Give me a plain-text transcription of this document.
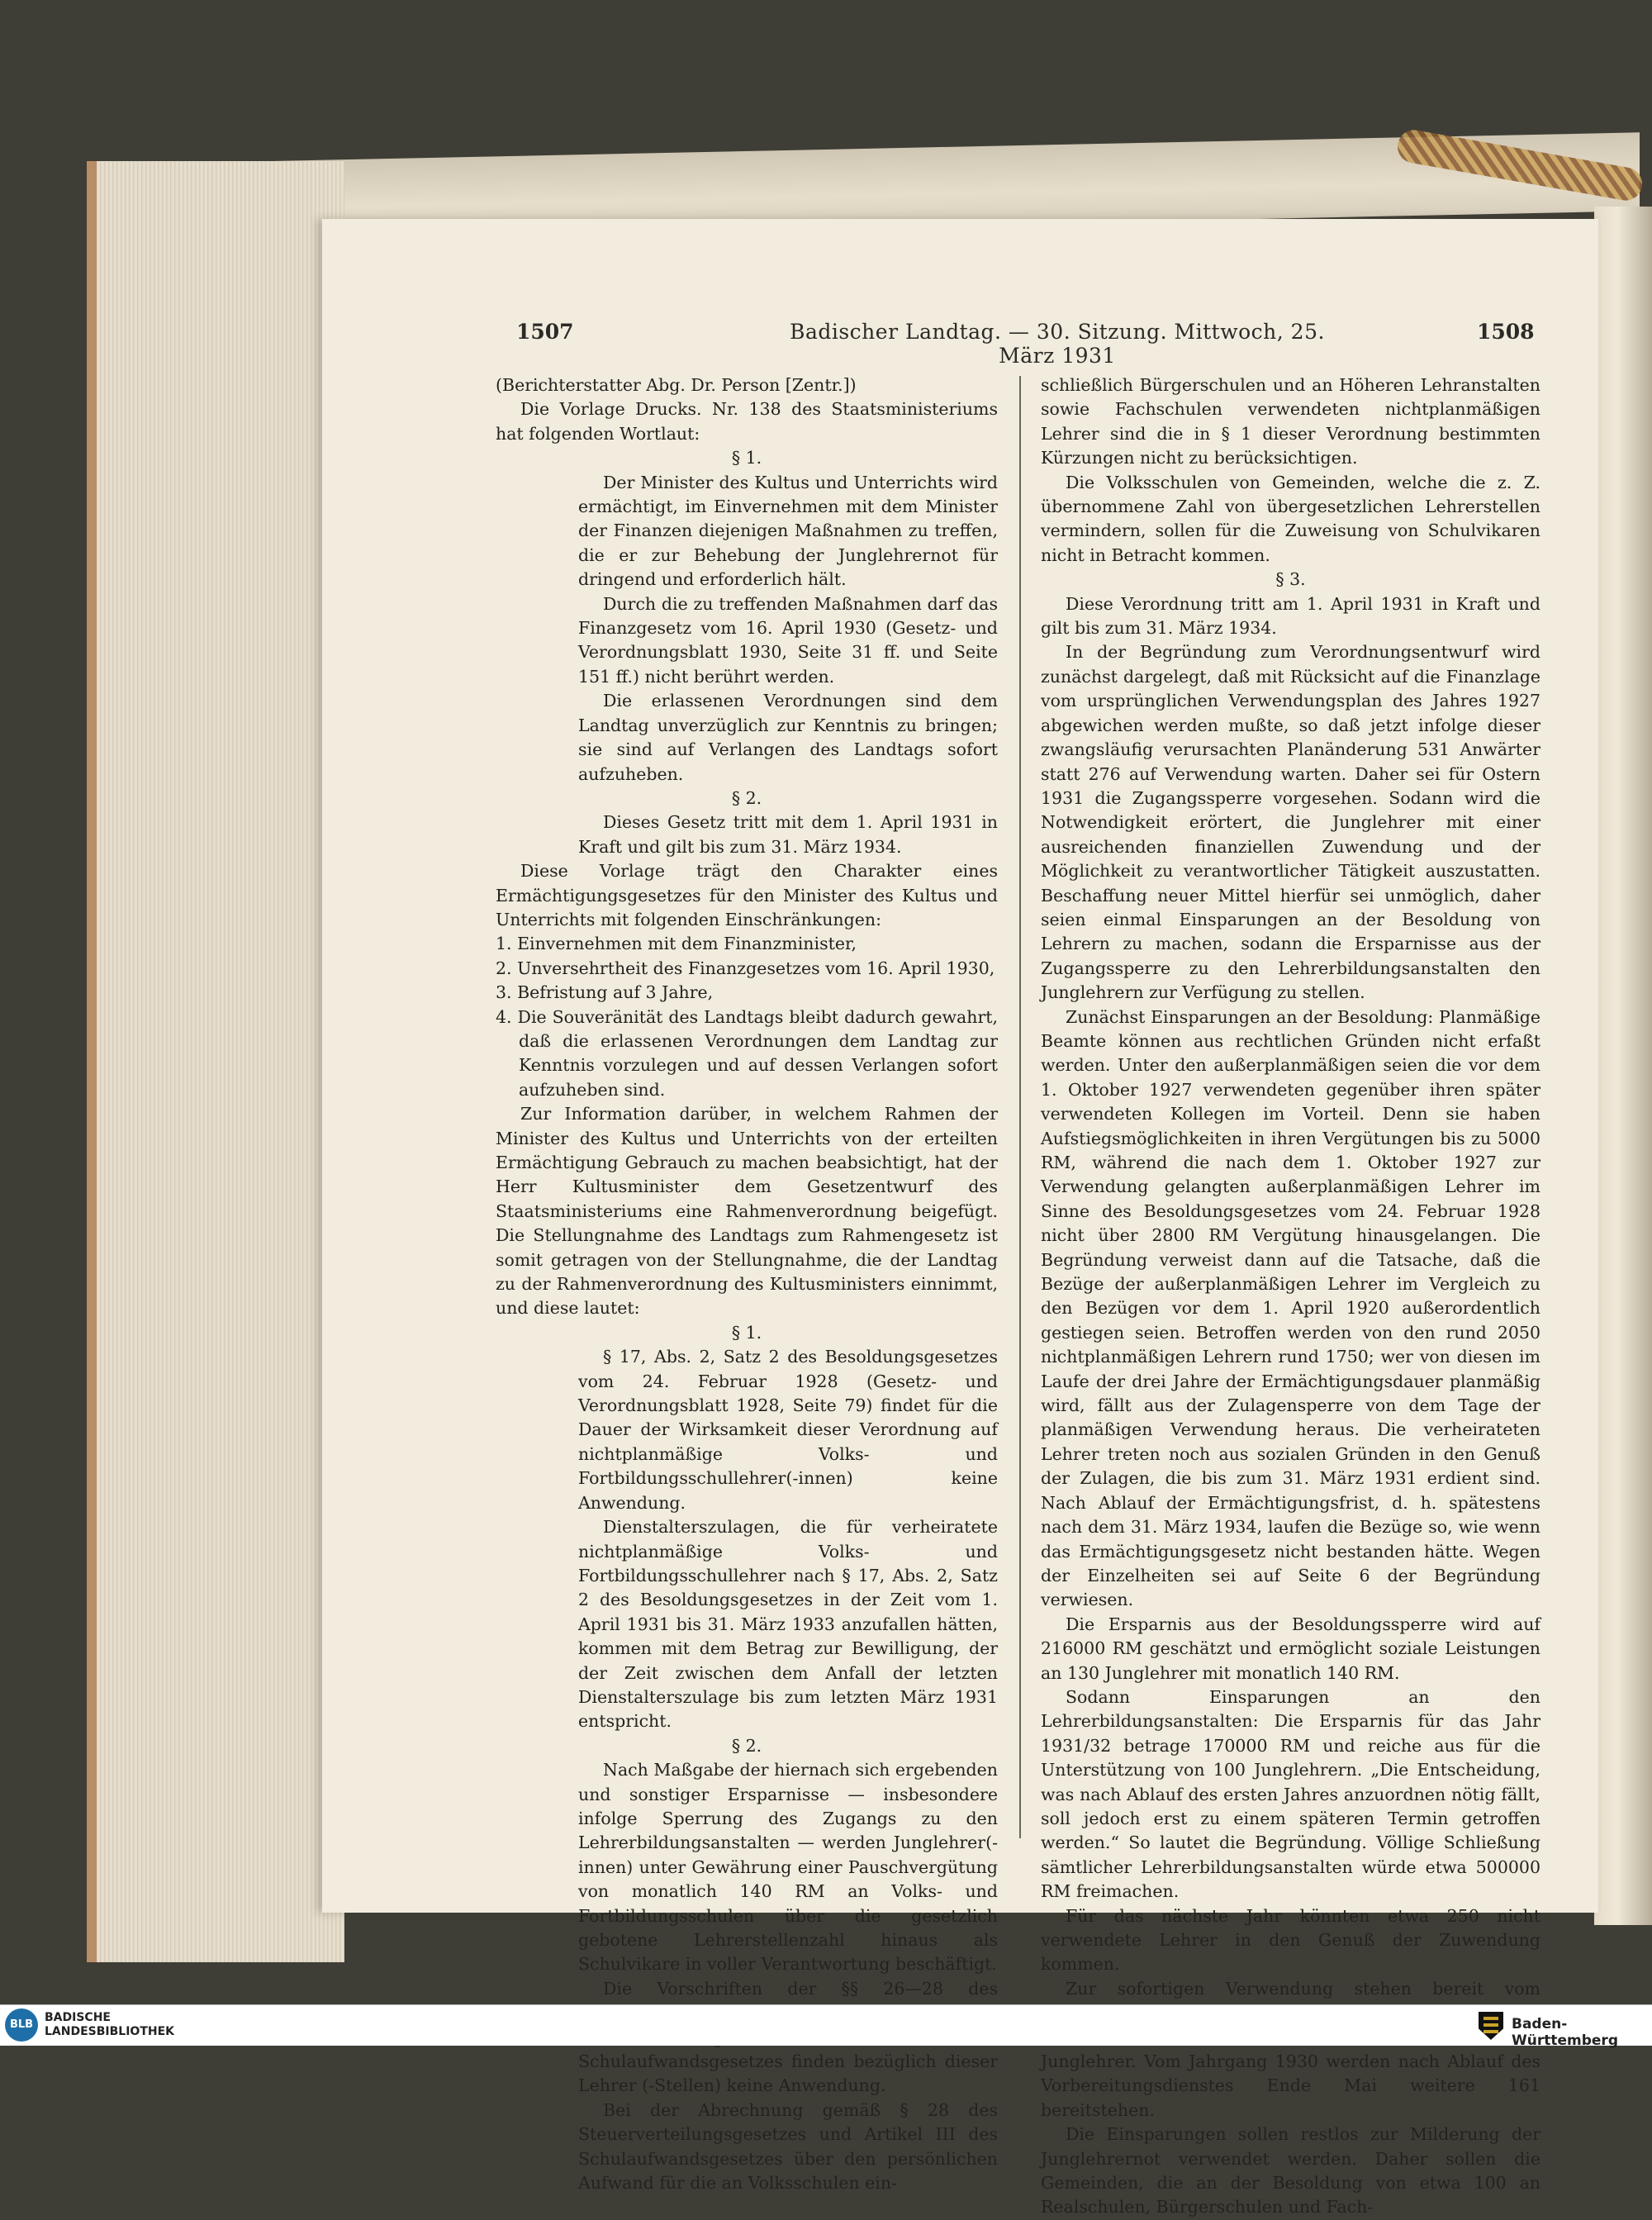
1507	Badischer Landtag. — 30. Sitzung. Mittwoch, 25. März 1931
1508

(Berichterstatter Abg. Dr. Person [Zentr.])

Die Vorlage Drucks. Nr. 138 des Staatsministeriums hat folgenden Wortlaut:

§ 1.

Der Minister des Kultus und Unterrichts wird ermächtigt, im Einvernehmen mit dem Minister der Finanzen diejenigen Maßnahmen zu treffen, die er zur Behebung der Junglehrernot für dringend und erforderlich hält.

Durch die zu treffenden Maßnahmen darf das Finanzgesetz vom 16. April 1930 (Gesetz- und Verordnungsblatt 1930, Seite 31 ff. und Seite 151 ff.) nicht berührt werden.

Die erlassenen Verordnungen sind dem Landtag unverzüglich zur Kenntnis zu bringen; sie sind auf Verlangen des Landtags sofort aufzuheben.

§ 2.

Dieses Gesetz tritt mit dem 1. April 1931 in Kraft und gilt bis zum 31. März 1934.

Diese Vorlage trägt den Charakter eines Ermächtigungsgesetzes für den Minister des Kultus und Unterrichts mit folgenden Einschränkungen:

1. Einvernehmen mit dem Finanzminister,

2. Unversehrtheit des Finanzgesetzes vom 16. April 1930,

3. Befristung auf 3 Jahre,

4. Die Souveränität des Landtags bleibt dadurch gewahrt, daß die erlassenen Verordnungen dem Landtag zur Kenntnis vorzulegen und auf dessen Verlangen sofort aufzuheben sind.

Zur Information darüber, in welchem Rahmen der Minister des Kultus und Unterrichts von der erteilten Ermächtigung Gebrauch zu machen beabsichtigt, hat der Herr Kultusminister dem Gesetzentwurf des Staatsministeriums eine Rahmenverordnung beigefügt. Die Stellungnahme des Landtags zum Rahmengesetz ist somit getragen von der Stellungnahme, die der Landtag zu der Rahmenverordnung des Kultusministers einnimmt, und diese lautet:

§ 1.

§ 17, Abs. 2, Satz 2 des Besoldungsgesetzes vom 24. Februar 1928 (Gesetz- und Verordnungsblatt 1928, Seite 79) findet für die Dauer der Wirksamkeit dieser Verordnung auf nichtplanmäßige Volks- und Fortbildungsschullehrer(-innen) keine Anwendung.

Dienstalterszulagen, die für verheiratete nichtplanmäßige Volks- und Fortbildungsschullehrer nach § 17, Abs. 2, Satz 2 des Besoldungsgesetzes in der Zeit vom 1. April 1931 bis 31. März 1933 anzufallen hätten, kommen mit dem Betrag zur Bewilligung, der der Zeit zwischen dem Anfall der letzten Dienstalterszulage bis zum letzten März 1931 entspricht.

§ 2.

Nach Maßgabe der hiernach sich ergebenden und sonstiger Ersparnisse — insbesondere infolge Sperrung des Zugangs zu den Lehrerbildungsanstalten — werden Junglehrer(-innen) unter Gewährung einer Pauschvergütung von monatlich 140 RM an Volks- und Fortbildungsschulen über die gesetzlich gebotene Lehrerstellenzahl hinaus als Schulvikare in voller Verantwortung beschäftigt.

Die Vorschriften der §§ 26—28 des Schulaufwandsgesetzes finden bezüglich dieser Lehrer (-Stellen) keine Anwendung.

Bei der Abrechnung gemäß § 28 des Steuerverteilungsgesetzes und Artikel III des Schulaufwandsgesetzes über den persönlichen Aufwand für die an Volksschulen ein-

schließlich Bürgerschulen und an Höheren Lehranstalten sowie Fachschulen verwendeten nichtplanmäßigen Lehrer sind die in § 1 dieser Verordnung bestimmten Kürzungen nicht zu berücksichtigen.

Die Volksschulen von Gemeinden, welche die z. Z. übernommene Zahl von übergesetzlichen Lehrerstellen vermindern, sollen für die Zuweisung von Schulvikaren nicht in Betracht kommen.

§ 3.

Diese Verordnung tritt am 1. April 1931 in Kraft und gilt bis zum 31. März 1934.

In der Begründung zum Verordnungsentwurf wird zunächst dargelegt, daß mit Rücksicht auf die Finanzlage vom ursprünglichen Verwendungsplan des Jahres 1927 abgewichen werden mußte, so daß jetzt infolge dieser zwangsläufig verursachten Planänderung 531 Anwärter statt 276 auf Verwendung warten. Daher sei für Ostern 1931 die Zugangssperre vorgesehen. Sodann wird die Notwendigkeit erörtert, die Junglehrer mit einer ausreichenden finanziellen Zuwendung und der Möglichkeit zu verantwortlicher Tätigkeit auszustatten. Beschaffung neuer Mittel hierfür sei unmöglich, daher seien einmal Einsparungen an der Besoldung von Lehrern zu machen, sodann die Ersparnisse aus der Zugangssperre zu den Lehrerbildungsanstalten den Junglehrern zur Verfügung zu stellen.

Zunächst Einsparungen an der Besoldung: Planmäßige Beamte können aus rechtlichen Gründen nicht erfaßt werden. Unter den außerplanmäßigen seien die vor dem 1. Oktober 1927 verwendeten gegenüber ihren später verwendeten Kollegen im Vorteil. Denn sie haben Aufstiegsmöglichkeiten in ihren Vergütungen bis zu 5000 RM, während die nach dem 1. Oktober 1927 zur Verwendung gelangten außerplanmäßigen Lehrer im Sinne des Besoldungsgesetzes vom 24. Februar 1928 nicht über 2800 RM Vergütung hinausgelangen. Die Begründung verweist dann auf die Tatsache, daß die Bezüge der außerplanmäßigen Lehrer im Vergleich zu den Bezügen vor dem 1. April 1920 außerordentlich gestiegen seien. Betroffen werden von den rund 2050 nichtplanmäßigen Lehrern rund 1750; wer von diesen im Laufe der drei Jahre der Ermächtigungsdauer planmäßig wird, fällt aus der Zulagensperre von dem Tage der planmäßigen Verwendung heraus. Die verheirateten Lehrer treten noch aus sozialen Gründen in den Genuß der Zulagen, die bis zum 31. März 1931 erdient sind. Nach Ablauf der Ermächtigungsfrist, d. h. spätestens nach dem 31. März 1934, laufen die Bezüge so, wie wenn das Ermächtigungsgesetz nicht bestanden hätte. Wegen der Einzelheiten sei auf Seite 6 der Begründung verwiesen.

Die Ersparnis aus der Besoldungssperre wird auf 216000 RM geschätzt und ermöglicht soziale Leistungen an 130 Junglehrer mit monatlich 140 RM.

Sodann Einsparungen an den Lehrerbildungsanstalten: Die Ersparnis für das Jahr 1931/32 betrage 170000 RM und reiche aus für die Unterstützung von 100 Junglehrern. „Die Entscheidung, was nach Ablauf des ersten Jahres anzuordnen nötig fällt, soll jedoch erst zu einem späteren Termin getroffen werden.“ So lautet die Begründung. Völlige Schließung sämtlicher Lehrerbildungsanstalten würde etwa 500000 RM freimachen.

Für das nächste Jahr könnten etwa 250 nicht verwendete Lehrer in den Genuß der Zuwendung kommen.

Zur sofortigen Verwendung stehen bereit vom Junglehrer. Vom Jahrgang 1930 werden nach Ablauf des Vorbereitungsdienstes Ende Mai weitere 161 bereitstehen.

Die Einsparungen sollen restlos zur Milderung der Junglehrernot verwendet werden. Daher sollen die Gemeinden, die an der Besoldung von etwa 100 an Realschulen, Bürgerschulen und Fach-

BLB
BADISCHE
LANDESBIBLIOTHEK	Baden-Württemberg
